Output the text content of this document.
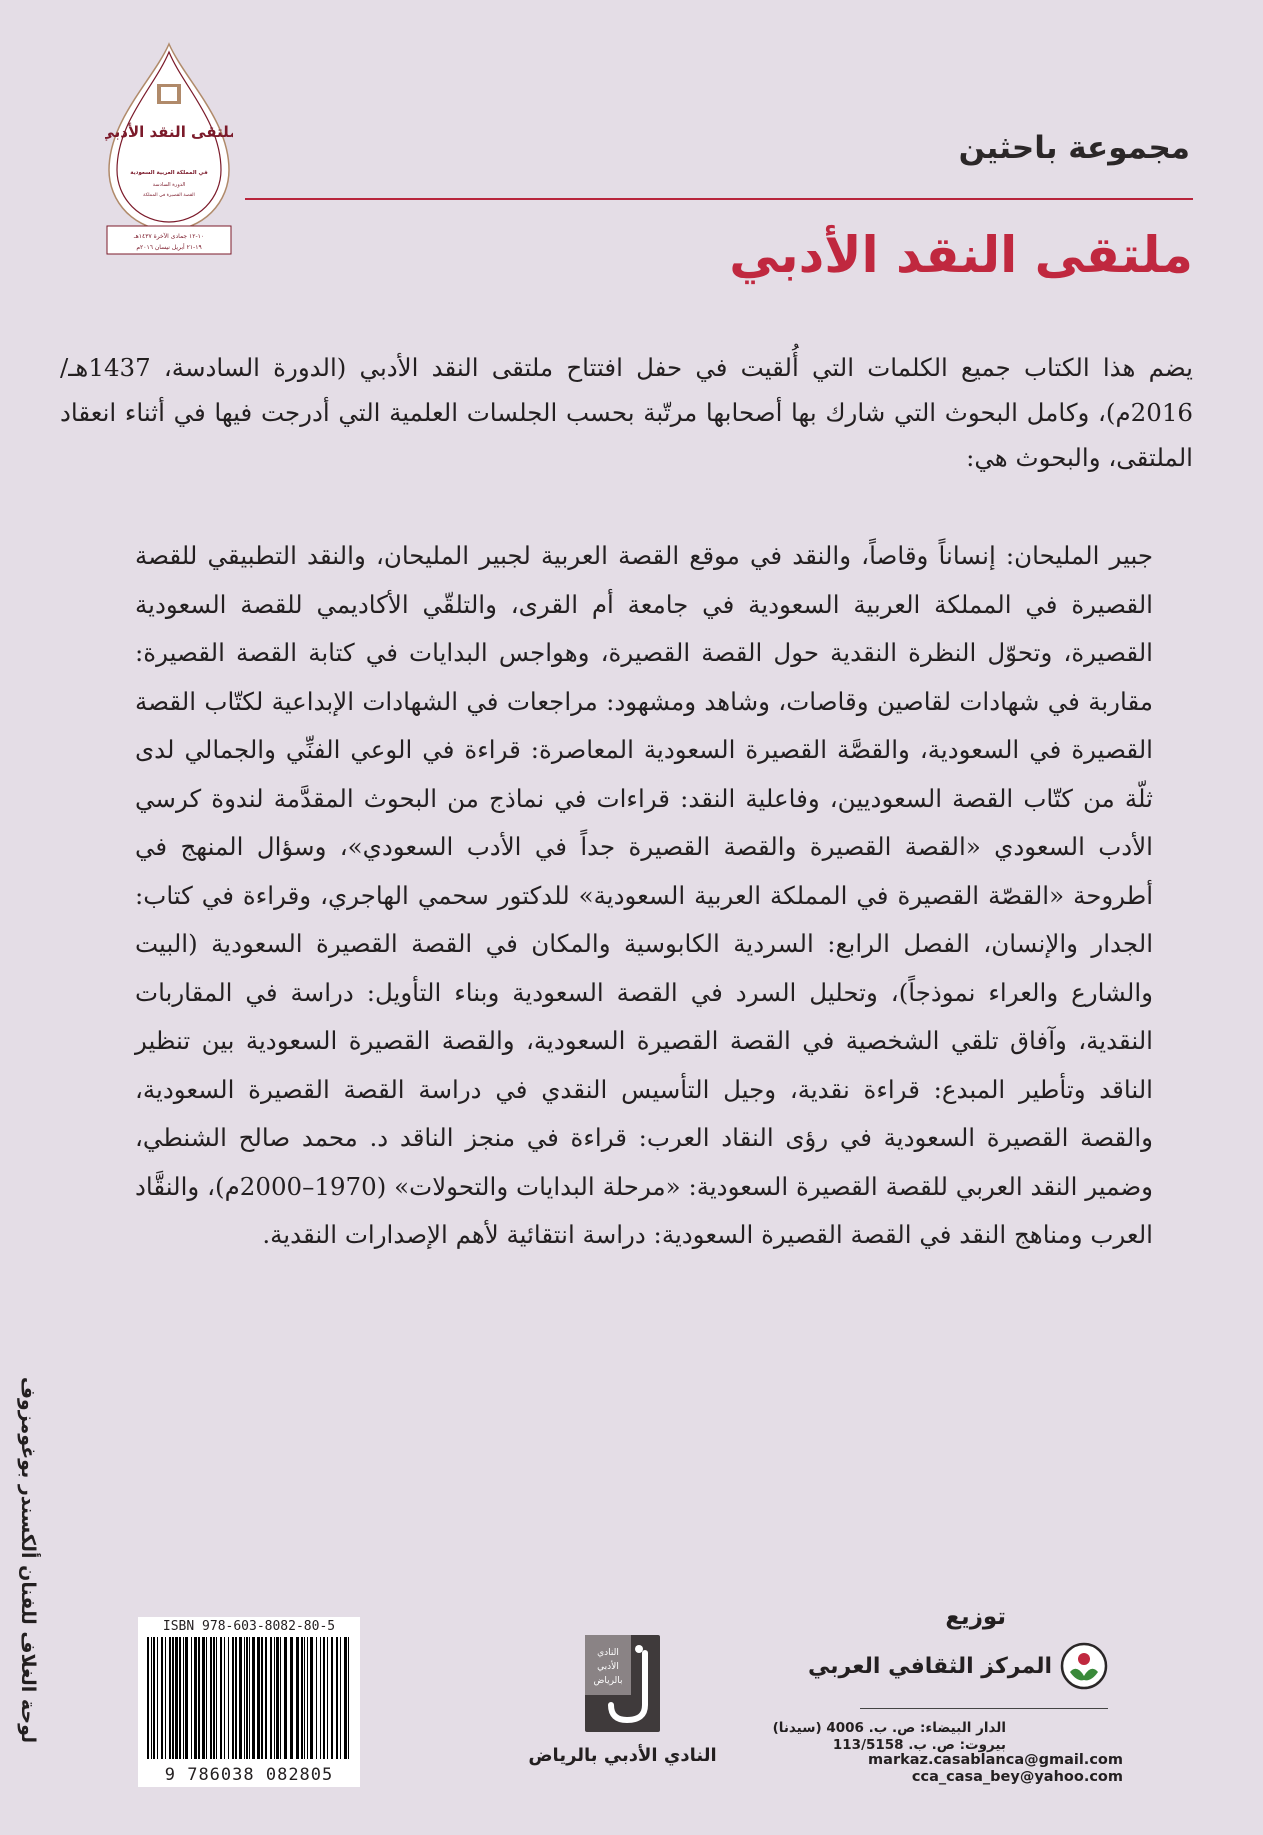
ملتقى النقد الأدبي
في المملكة العربية السعودية
الدورة السادسة
القصة القصيرة في المملكة
١٠-١٢ جمادى الآخرة ١٤٣٧هـ
١٩-٢١ أبريل نيسان ٢٠١٦م
مجموعة باحثين
ملتقى النقد الأدبي

يضم هذا الكتاب جميع الكلمات التي أُلقيت في حفل افتتاح ملتقى النقد الأدبي (الدورة السادسة، 1437هـ/ 2016م)، وكامل البحوث التي شارك بها أصحابها مرتّبة بحسب الجلسات العلمية التي أدرجت فيها في أثناء انعقاد الملتقى، والبحوث هي:

جبير المليحان: إنساناً وقاصاً، والنقد في موقع القصة العربية لجبير المليحان، والنقد التطبيقي للقصة القصيرة في المملكة العربية السعودية في جامعة أم القرى، والتلقّي الأكاديمي للقصة السعودية القصيرة، وتحوّل النظرة النقدية حول القصة القصيرة، وهواجس البدايات في كتابة القصة القصيرة: مقاربة في شهادات لقاصين وقاصات، وشاهد ومشهود: مراجعات في الشهادات الإبداعية لكتّاب القصة القصيرة في السعودية، والقصَّة القصيرة السعودية المعاصرة: قراءة في الوعي الفنِّي والجمالي لدى ثلّة من كتّاب القصة السعوديين، وفاعلية النقد: قراءات في نماذج من البحوث المقدَّمة لندوة كرسي الأدب السعودي «القصة القصيرة والقصة القصيرة جداً في الأدب السعودي»، وسؤال المنهج في أطروحة «القصّة القصيرة في المملكة العربية السعودية» للدكتور سحمي الهاجري، وقراءة في كتاب: الجدار والإنسان، الفصل الرابع: السردية الكابوسية والمكان في القصة القصيرة السعودية (البيت والشارع والعراء نموذجاً)، وتحليل السرد في القصة السعودية وبناء التأويل: دراسة في المقاربات النقدية، وآفاق تلقي الشخصية في القصة القصيرة السعودية، والقصة القصيرة السعودية بين تنظير الناقد وتأطير المبدع: قراءة نقدية، وجيل التأسيس النقدي في دراسة القصة القصيرة السعودية، والقصة القصيرة السعودية في رؤى النقاد العرب: قراءة في منجز الناقد د. محمد صالح الشنطي، وضمير النقد العربي للقصة القصيرة السعودية: «مرحلة البدايات والتحولات» (1970–2000م)، والنقَّاد العرب ومناهج النقد في القصة القصيرة السعودية: دراسة انتقائية لأهم الإصدارات النقدية.

لوحة الغلاف للفنان ألكسندر بوغومزوف	ISBN 978-603-8082-80-5
9 786038 082805
النادي
الأدبي
بالرياض
النادي الأدبي بالرياض
توزيع
المركز الثقافي العربي
الدار البيضاء: ص. ب. 4006 (سيدنا)
بيروت: ص. ب. 113/5158
markaz.casablanca@gmail.com
cca_casa_bey@yahoo.com
